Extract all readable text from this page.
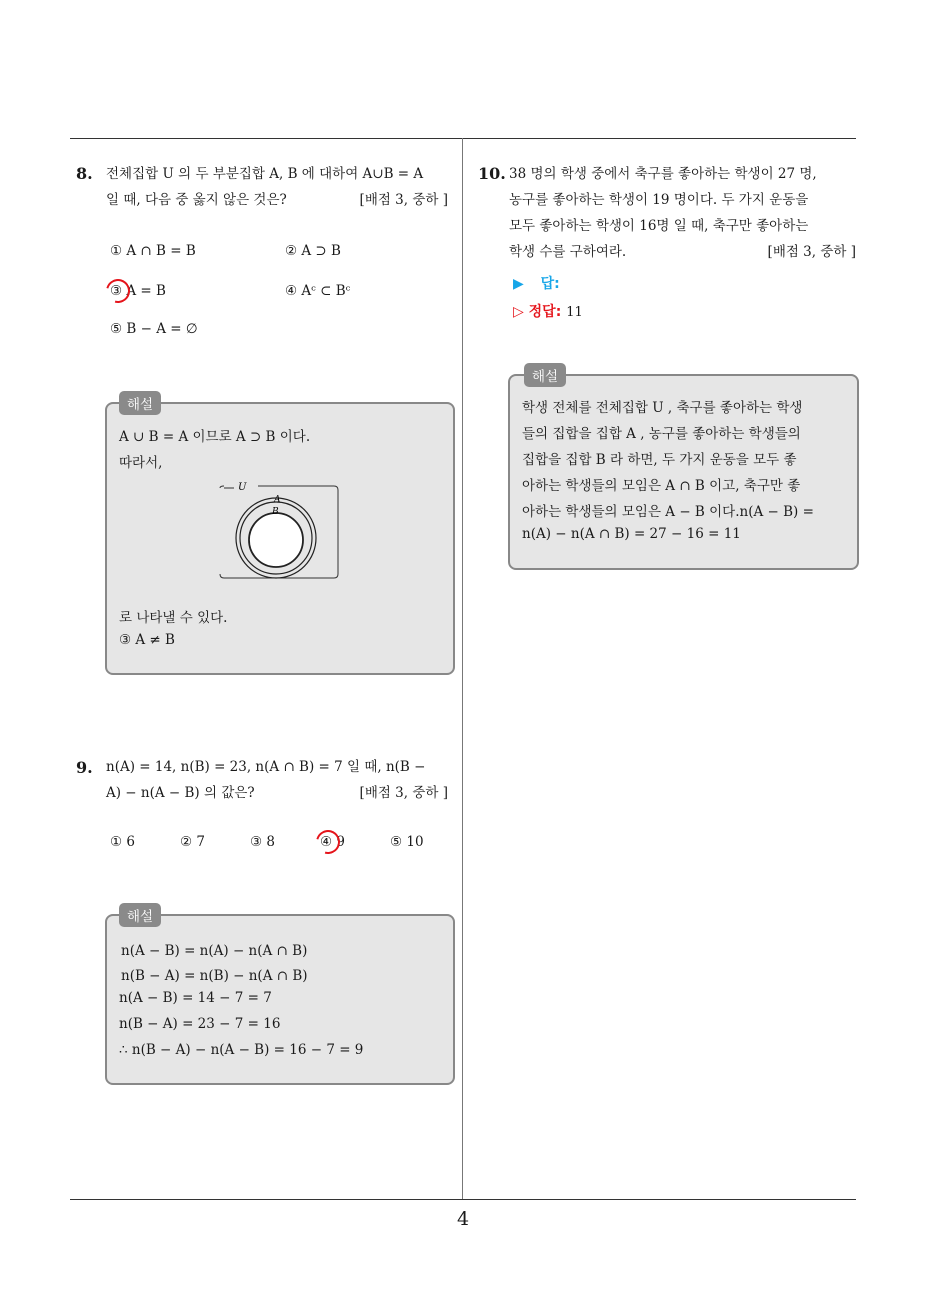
8. 전체집합 U 의 두 부분집합 A, B 에 대하여 A∪B = A
일 때, 다음 중 옳지 않은 것은?	[배점 3, 중하 ]
① A ∩ B = B	② A ⊃ B
③ A = B	④ Aᶜ ⊂ Bᶜ
⑤ B − A = ∅
해설
A ∪ B = A 이므로 A ⊃ B 이다.
따라서,
U
A
B
로 나타낼 수 있다.
③ A ≠ B
9. n(A) = 14, n(B) = 23, n(A ∩ B) = 7 일 때, n(B −
A) − n(A − B) 의 값은?	[배점 3, 중하 ]
① 6	② 7	③ 8	④ 9	⑤ 10
해설
n(A − B) = n(A) − n(A ∩ B)
n(B − A) = n(B) − n(A ∩ B)
n(A − B) = 14 − 7 = 7
n(B − A) = 23 − 7 = 16
∴ n(B − A) − n(A − B) = 16 − 7 = 9
10. 38 명의 학생 중에서 축구를 좋아하는 학생이 27 명,
농구를 좋아하는 학생이 19 명이다. 두 가지 운동을
모두 좋아하는 학생이 16명 일 때, 축구만 좋아하는
학생 수를 구하여라.	[배점 3, 중하 ]
▶ 답:
▷ 정답: 11
해설
학생 전체를 전체집합 U , 축구를 좋아하는 학생
들의 집합을 집합 A , 농구를 좋아하는 학생들의
집합을 집합 B 라 하면, 두 가지 운동을 모두 좋
아하는 학생들의 모임은 A ∩ B 이고, 축구만 좋
아하는 학생들의 모임은 A − B 이다.n(A − B) =
n(A) − n(A ∩ B) = 27 − 16 = 11
4
